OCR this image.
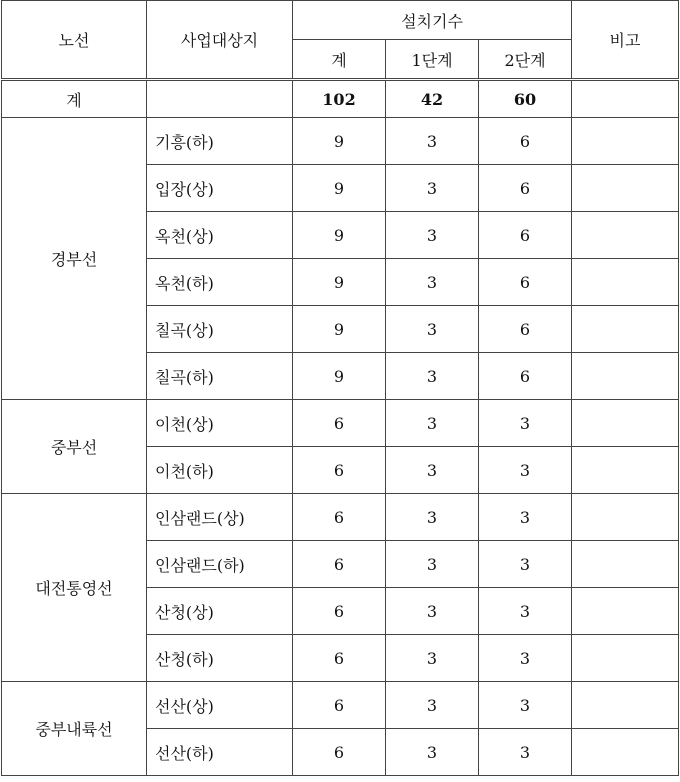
노선	사업대상지	설치기수			비고
		계	1단계	2단계	
계		102	42	60	
경부선	기흥(하)	9	3	6	
	입장(상)	9	3	6	
	옥천(상)	9	3	6	
	옥천(하)	9	3	6	
	칠곡(상)	9	3	6	
	칠곡(하)	9	3	6	
중부선	이천(상)	6	3	3	
	이천(하)	6	3	3	
대전통영선	인삼랜드(상)	6	3	3	
	인삼랜드(하)	6	3	3	
	산청(상)	6	3	3	
	산청(하)	6	3	3	
중부내륙선	선산(상)	6	3	3	
	선산(하)	6	3	3	
